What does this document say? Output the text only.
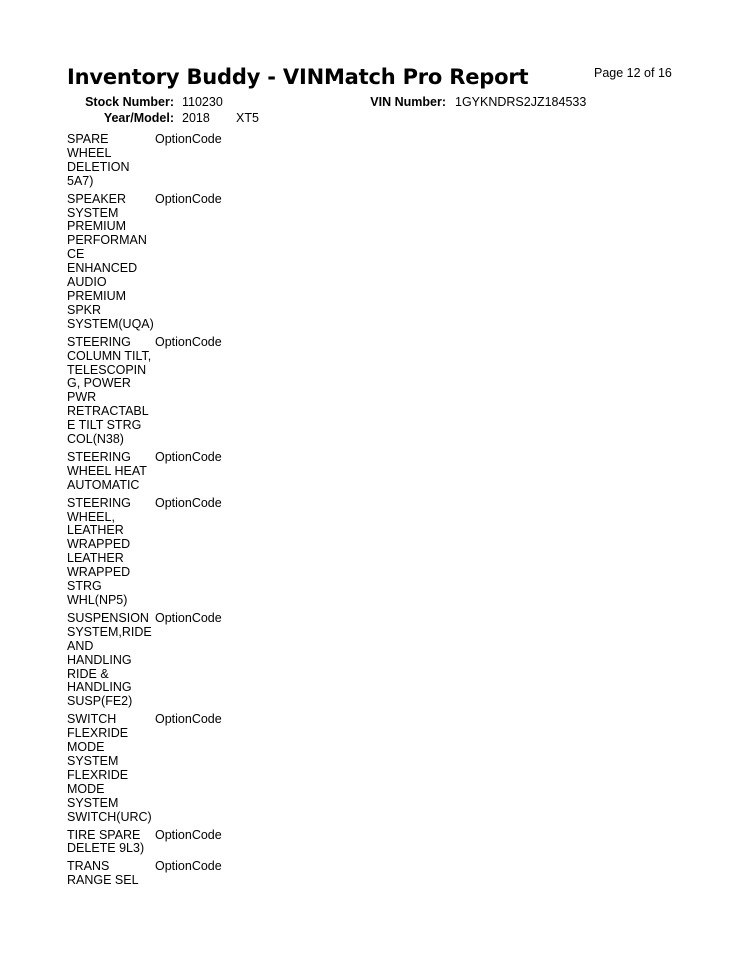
Inventory Buddy - VINMatch Pro Report	Page 12 of 16
Stock Number: 110230	VIN Number: 1GYKNDRS2JZ184533
Year/Model: 2018 XT5
SPARE
WHEEL
DELETION
5A7)
OptionCode
SPEAKER
SYSTEM
PREMIUM
PERFORMAN
CE
ENHANCED
AUDIO
PREMIUM
SPKR
SYSTEM(UQA)
OptionCode
STEERING
COLUMN TILT,
TELESCOPIN
G, POWER
PWR
RETRACTABL
E TILT STRG
COL(N38)
OptionCode
STEERING
WHEEL HEAT
AUTOMATIC
OptionCode
STEERING
WHEEL,
LEATHER
WRAPPED
LEATHER
WRAPPED
STRG
WHL(NP5)
OptionCode
SUSPENSION
SYSTEM,RIDE
AND
HANDLING
RIDE &
HANDLING
SUSP(FE2)
OptionCode
SWITCH
FLEXRIDE
MODE
SYSTEM
FLEXRIDE
MODE
SYSTEM
SWITCH(URC)
OptionCode
TIRE SPARE
DELETE 9L3)
OptionCode
TRANS
RANGE SEL
OptionCode
